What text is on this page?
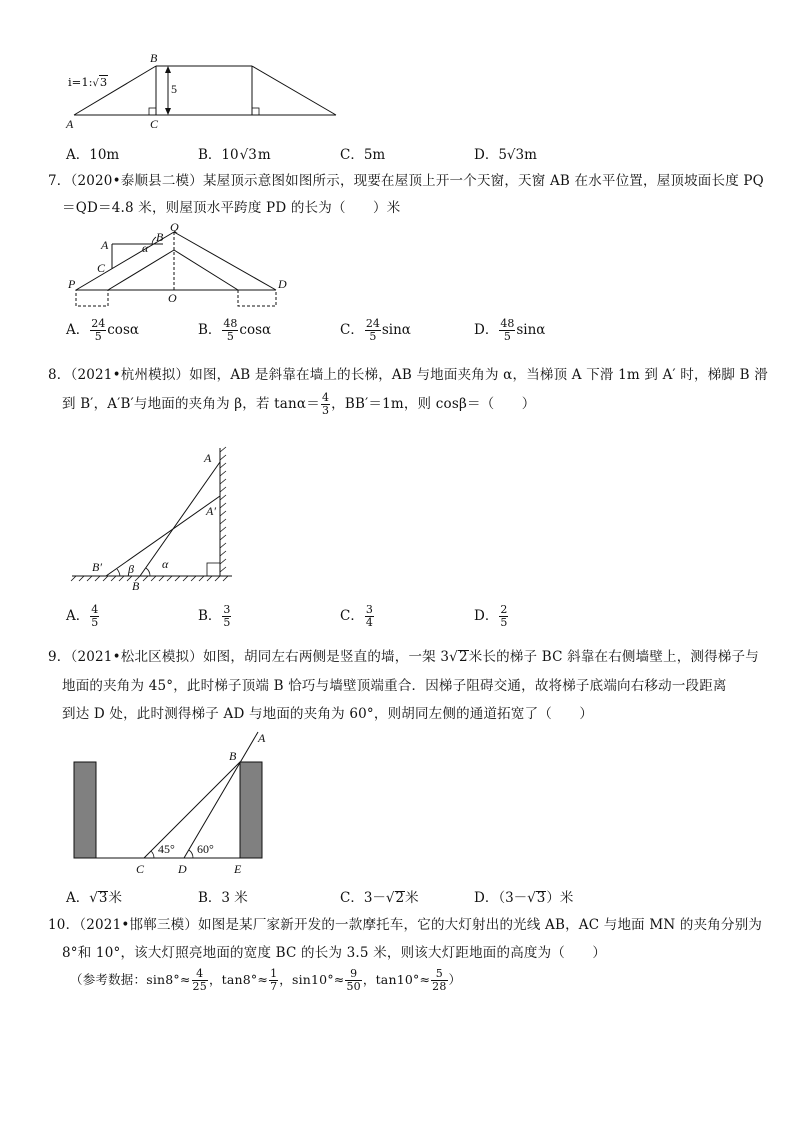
5
B
A	C
i=1:√3
A．10m	B．10√3m	C．5m	D．5√3m
7．（2020•泰顺县二模）某屋顶示意图如图所示，现要在屋顶上开一个天窗，天窗 AB 在水平位置，屋顶坡面长度 PQ
＝QD＝4.8 米，则屋顶水平跨度 PD 的长为（　　）米
A
C
B
α
Q
P	D
O
A． $\frac{24}{5}$ cosα	B． $\frac{48}{5}$ cosα	C． $\frac{24}{5}$ sinα	D． $\frac{48}{5}$ sinα
8．（2021•杭州模拟）如图，AB 是斜靠在墙上的长梯，AB 与地面夹角为 α，当梯顶 A 下滑 1m 到 A′ 时，梯脚 B 滑
到 B′，A′B′与地面的夹角为 β，若 $\tan\alpha= \frac{4}{3}$ ，BB′＝1m，则 cosβ＝（　　）
A
A′
B′
B
α
β
A． $\frac{4}{5}$	B． $\frac{3}{5}$	C． $\frac{3}{4}$	D． $\frac{2}{5}$
9．（2021•松北区模拟）如图，胡同左右两侧是竖直的墙，一架 3√2米长的梯子 BC 斜靠在右侧墙壁上，测得梯子与
地面的夹角为 45°，此时梯子顶端 B 恰巧与墙壁顶端重合．因梯子阻碍交通，故将梯子底端向右移动一段距离
到达 D 处，此时测得梯子 AD 与地面的夹角为 60°，则胡同左侧的通道拓宽了（　　）
45° 60°
A
B
C	D	E
A．√3米	B．3 米	C．3－√2米	D．（3－√3）米
10．（2021•邯郸三模）如图是某厂家新开发的一款摩托车，它的大灯射出的光线 AB，AC 与地面 MN 的夹角分别为
8°和 10°，该大灯照亮地面的宽度 BC 的长为 3.5 米，则该大灯距地面的高度为（　　）
（参考数据：$\sin 8^\circ\approx \frac{4}{25}$ ，$\tan 8^\circ\approx \frac{1}{7}$ ，$\sin 10^\circ\approx \frac{9}{50}$ ，$\tan 10^\circ\approx \frac{5}{28}$ ）
